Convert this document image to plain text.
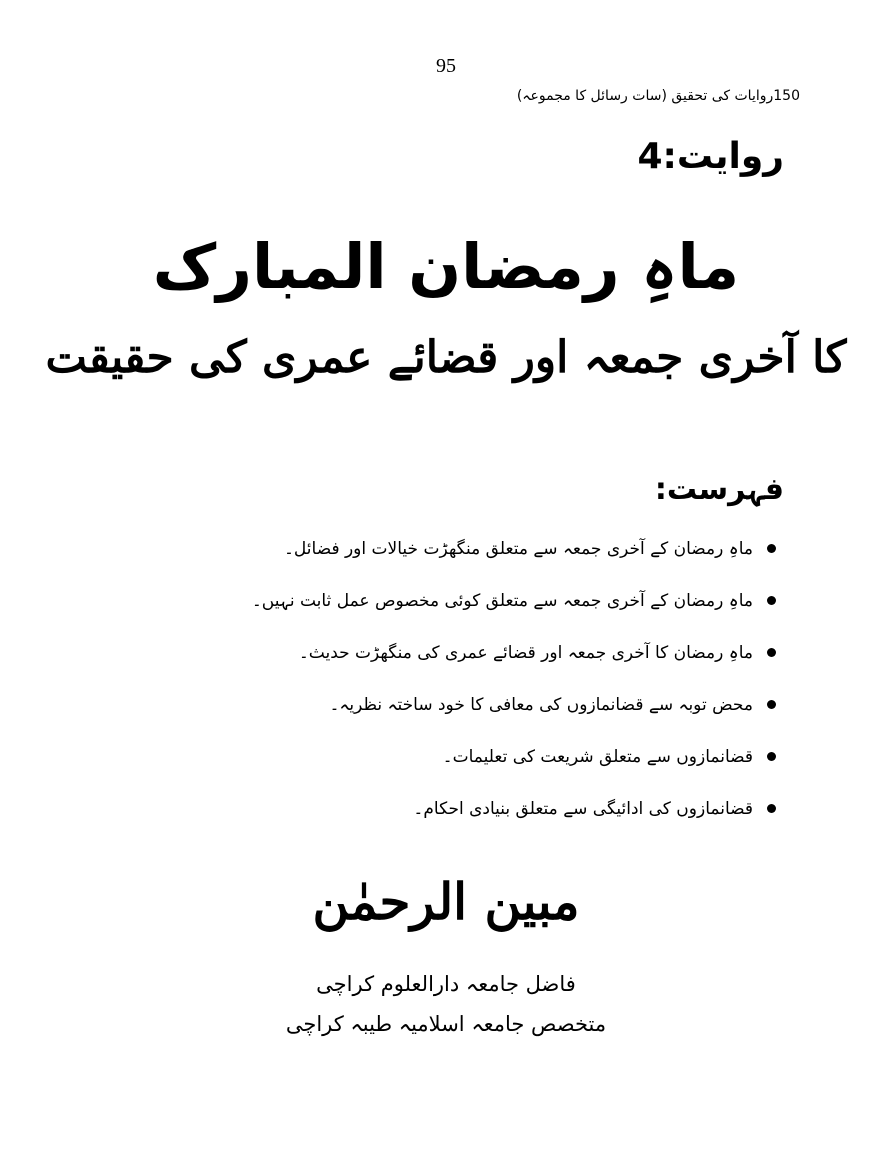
95
150روایات کی تحقیق (سات رسائل کا مجموعہ)
روایت:4
ماہِ رمضان المبارک
کا آخری جمعہ اور قضائے عمری کی حقیقت
فہرست:
ماہِ رمضان کے آخری جمعہ سے متعلق منگھڑت خیالات اور فضائل۔
ماہِ رمضان کے آخری جمعہ سے متعلق کوئی مخصوص عمل ثابت نہیں۔
ماہِ رمضان کا آخری جمعہ اور قضائے عمری کی منگھڑت حدیث۔
محض توبہ سے قضانمازوں کی معافی کا خود ساختہ نظریہ۔
قضانمازوں سے متعلق شریعت کی تعلیمات۔
قضانمازوں کی ادائیگی سے متعلق بنیادی احکام۔
مبین الرحمٰن
فاضل جامعہ دارالعلوم کراچی
متخصص جامعہ اسلامیہ طیبہ کراچی
